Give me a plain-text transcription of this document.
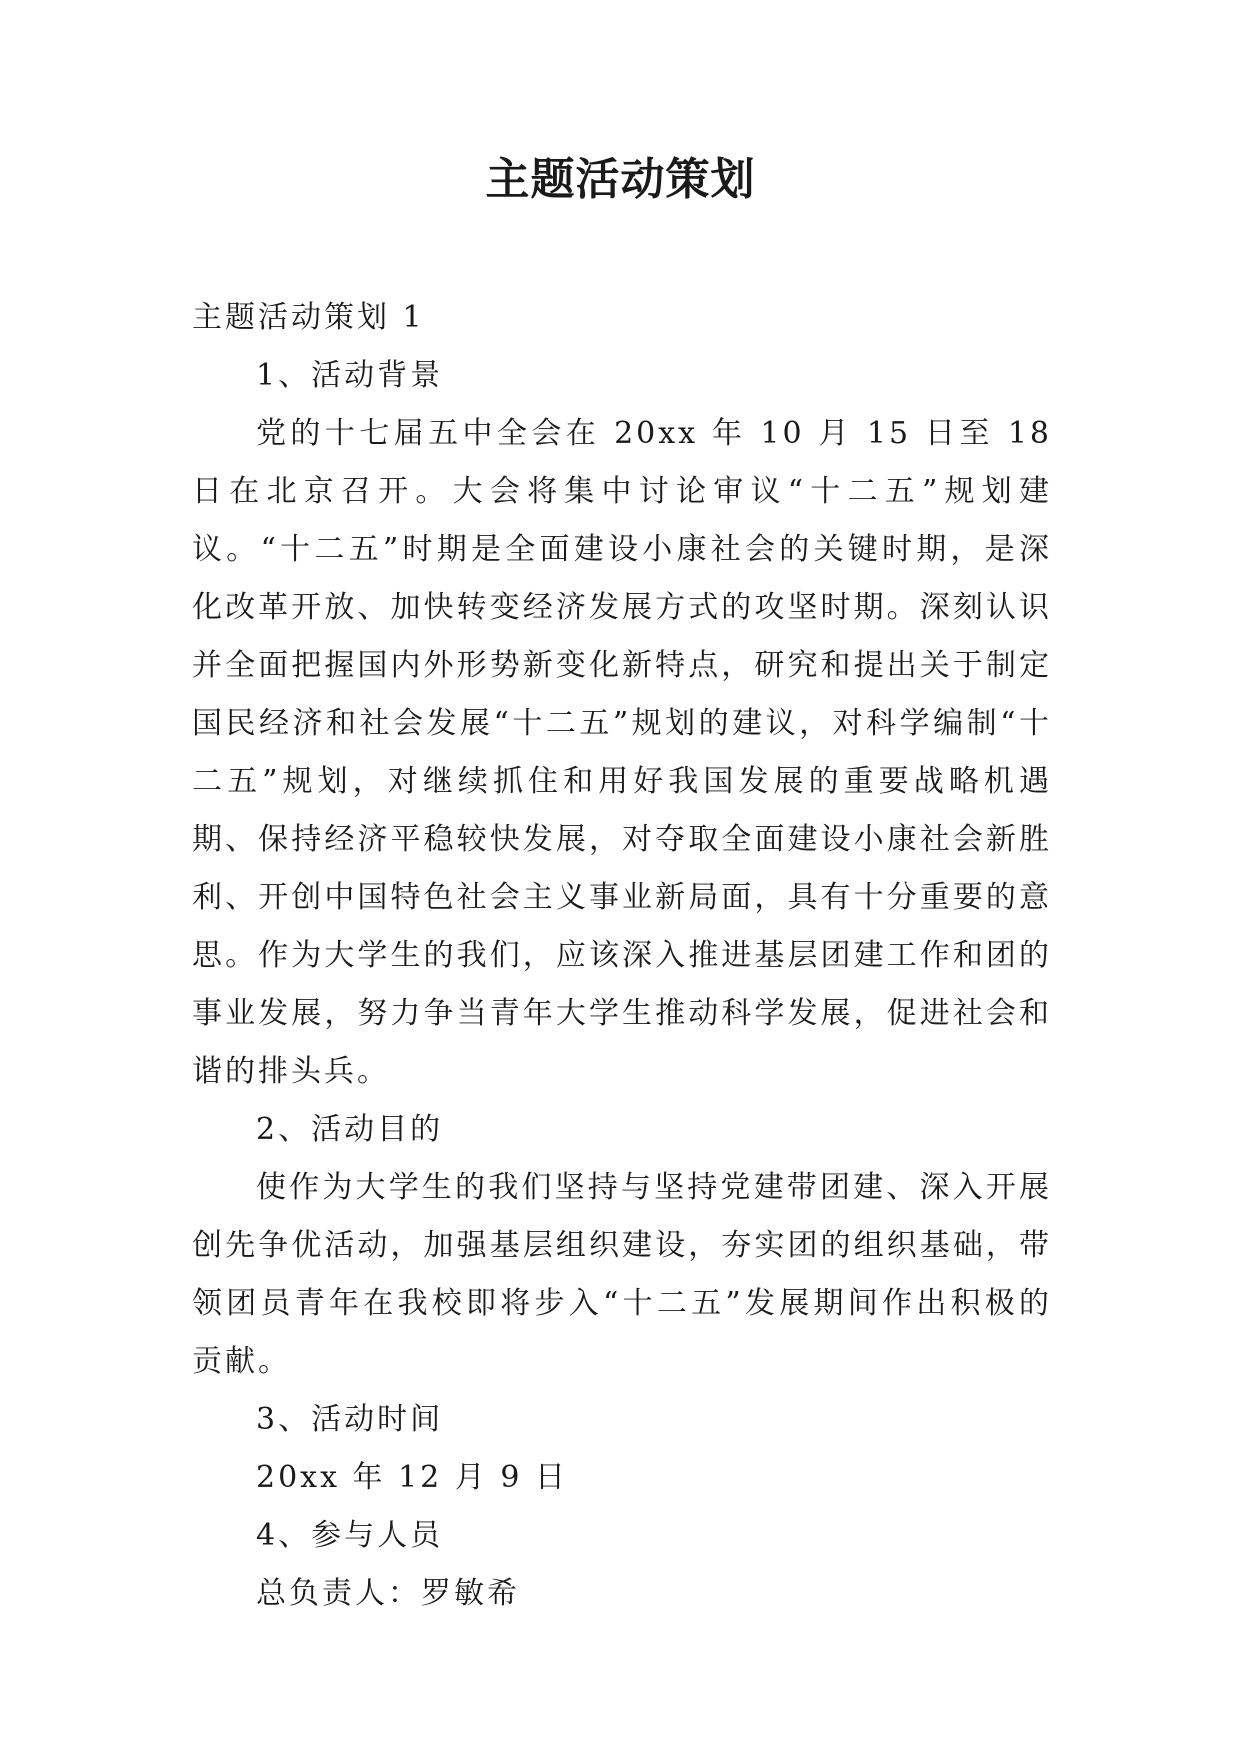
主题活动策划

主题活动策划 1

1、活动背景

党的十七届五中全会在 20xx 年 10 月 15 日至 18 日在北京召开。大会将集中讨论审议“十二五”规划建议。“十二五”时期是全面建设小康社会的关键时期，是深化改革开放、加快转变经济发展方式的攻坚时期。深刻认识并全面把握国内外形势新变化新特点，研究和提出关于制定国民经济和社会发展“十二五”规划的建议，对科学编制“十二五”规划，对继续抓住和用好我国发展的重要战略机遇期、保持经济平稳较快发展，对夺取全面建设小康社会新胜利、开创中国特色社会主义事业新局面，具有十分重要的意思。作为大学生的我们，应该深入推进基层团建工作和团的事业发展，努力争当青年大学生推动科学发展，促进社会和谐的排头兵。

2、活动目的

使作为大学生的我们坚持与坚持党建带团建、深入开展创先争优活动，加强基层组织建设，夯实团的组织基础，带领团员青年在我校即将步入“十二五”发展期间作出积极的贡献。

3、活动时间

20xx 年 12 月 9 日

4、参与人员

总负责人：罗敏希
